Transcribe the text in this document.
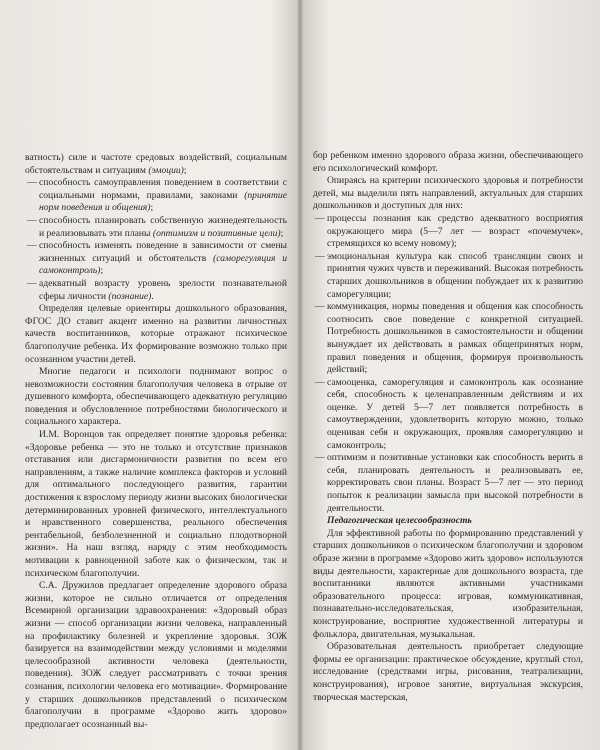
ватность) силе и частоте средовых воздействий, социальным обстоятельствам и ситуациям (эмоции);

— способность самоуправления поведением в соответствии с социальными нормами, правилами, законами (принятие норм поведения и общения);

— способность планировать собственную жизнедеятельность и реализовывать эти планы (оптимизм и позитивные цели);

— способность изменять поведение в зависимости от смены жизненных ситуаций и обстоятельств (саморегуляция и самоконтроль);

— адекватный возрасту уровень зрелости познавательной сферы личности (познание).

Определяя целевые ориентиры дошкольного образования, ФГОС ДО ставит акцент именно на развитии личностных качеств воспитанников, которые отражают психическое благополучие ребенка. Их формирование возможно только при осознанном участии детей.

Многие педагоги и психологи поднимают вопрос о невозможности состояния благополучия человека в отрыве от душевного комфорта, обеспечивающего адекватную регуляцию поведения и обусловленное потребностями биологического и социального характера.

И.М. Воронцов так определяет понятие здоровья ребенка: «Здоровье ребенка — это не только и отсутствие признаков отставания или дисгармоничности развития по всем его направлениям, а также наличие комплекса факторов и условий для оптимального последующего развития, гарантии достижения к взрослому периоду жизни высоких биологически детерминированных уровней физического, интеллектуального и нравственного совершенства, реального обеспечения рентабельной, безболезненной и социально плодотворной жизни». На наш взгляд, наряду с этим необходимость мотивации к равноценной заботе как о физическом, так и психическом благополучии.

С.А. Дружилов предлагает определение здорового образа жизни, которое не сильно отличается от определения Всемирной организации здравоохранения: «Здоровый образ жизни — способ организации жизни человека, направленный на профилактику болезней и укрепление здоровья. ЗОЖ базируется на взаимодействии между условиями и моделями целесообразной активности человека (деятельности, поведения). ЗОЖ следует рассматривать с точки зрения сознания, психологии человека его мотивации». Формирование у старших дошкольников представлений о психическом благополучии в программе «Здорово жить здорово» предполагает осознанный вы-

бор ребенком именно здорового образа жизни, обеспечивающего его психологический комфорт.

Опираясь на критерии психического здоровья и потребности детей, мы выделили пять направлений, актуальных для старших дошкольников и доступных для них:

— процессы познания как средство адекватного восприятия окружающего мира (5—7 лет — возраст «почемучек», стремящихся ко всему новому);

— эмоциональная культура как способ трансляции своих и принятия чужих чувств и переживаний. Высокая потребность старших дошкольников в общении побуждает их к развитию саморегуляции;

— коммуникация, нормы поведения и общения как способность соотносить свое поведение с конкретной ситуацией. Потребность дошкольников в самостоятельности и общении вынуждает их действовать в рамках общепринятых норм, правил поведения и общения, формируя произвольность действий;

— самооценка, саморегуляция и самоконтроль как осознание себя, способность к целенаправленным действиям и их оценке. У детей 5—7 лет появляется потребность в самоутверждении, удовлетворить которую можно, только оценивая себя и окружающих, проявляя саморегуляцию и самоконтроль;

— оптимизм и позитивные установки как способность верить в себя, планировать деятельность и реализовывать ее, корректировать свои планы. Возраст 5—7 лет — это период попыток к реализации замысла при высокой потребности в деятельности.

Педагогическая целесообразность

Для эффективной работы по формированию представлений у старших дошкольников о психическом благополучии и здоровом образе жизни в программе «Здорово жить здорово» используются виды деятельности, характерные для дошкольного возраста, где воспитанники являются активными участниками образовательного процесса: игровая, коммуникативная, познавательно-исследовательская, изобразительная, конструирование, восприятие художественной литературы и фольклора, двигательная, музыкальная.

Образовательная деятельность приобретает следующие формы ее организации: практическое обсуждение, круглый стол, исследование (средствами игры, рисования, театрализации, конструирования), игровое занятие, виртуальная экскурсия, творческая мастерская,
